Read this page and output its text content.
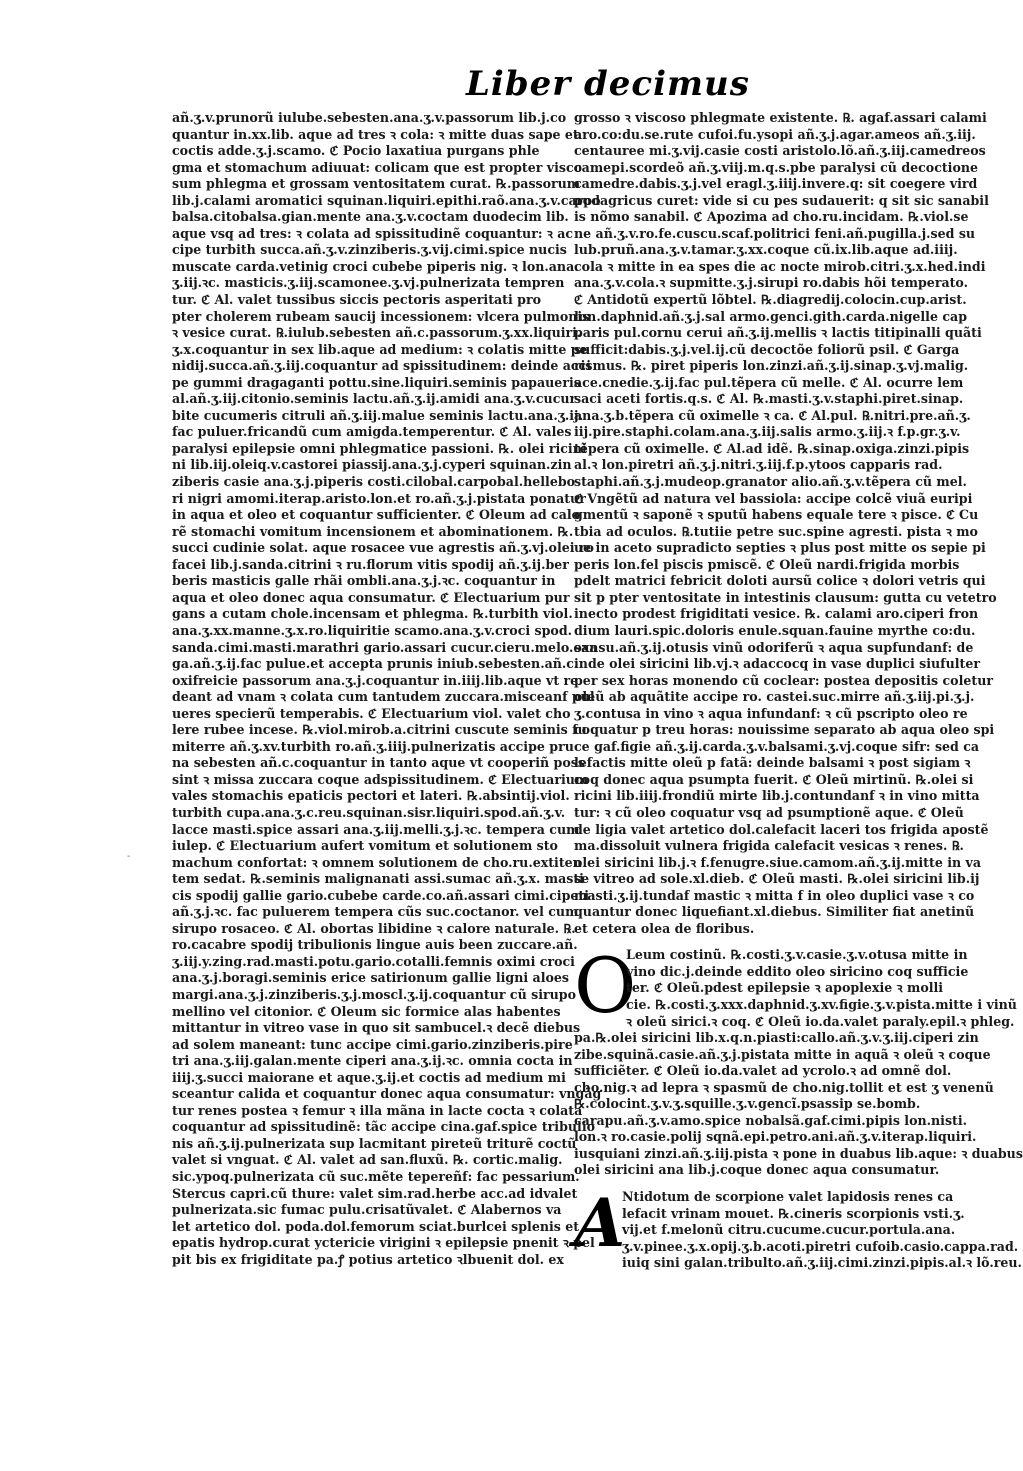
Liber decimus
añ.ʒ.v.prunorũ iulube.sebesten.ana.ʒ.v.passorum lib.j.co
quantur in.xx.lib. aque ad tres ꝛ cola: ꝛ mitte duas sape et
coctis adde.ʒ.j.scamo. ℭ Pocio laxatiua purgans phle
gma et stomachum adiuuat: colicam que est propter visco
sum phlegma et grossam ventositatem curat. ℞.passorum
lib.j.calami aromatici squinan.liquiri.epithi.raõ.ana.ʒ.v.carpo
balsa.citobalsa.gian.mente ana.ʒ.v.coctam duodecim lib.
aque vsq ad tres: ꝛ colata ad spissitudinẽ coquantur: ꝛ ac
cipe turbith succa.añ.ʒ.v.zinziberis.ʒ.vij.cimi.spice nucis
muscate carda.vetinig croci cubebe piperis nig. ꝛ lon.ana.
ʒ.iij.ꝛc. masticis.ʒ.iij.scamonee.ʒ.vj.pulnerizata tempren
tur. ℭ Al. valet tussibus siccis pectoris asperitati pro
pter cholerem rubeam saucij incessionem: vlcera pulmonis
ꝛ vesice curat. ℞.iulub.sebesten añ.c.passorum.ʒ.xx.liquiri.
ʒ.x.coquantur in sex lib.aque ad medium: ꝛ colatis mitte pe
nidij.succa.añ.ʒ.iij.coquantur ad spissitudinem: deinde acci
pe gummi dragaganti pottu.sine.liquiri.seminis papaueris
al.añ.ʒ.iij.citonio.seminis lactu.añ.ʒ.ij.amidi ana.ʒ.v.cucur
bite cucumeris citruli añ.ʒ.iij.malue seminis lactu.ana.ʒ.ij.
fac puluer.fricandũ cum amigda.temperentur. ℭ Al. vales
paralysi epilepsie omni phlegmatice passioni. ℞. olei ricini
ni lib.iij.oleiq.v.castorei piassij.ana.ʒ.j.cyperi squinan.zin
ziberis casie ana.ʒ.j.piperis costi.cilobal.carpobal.hellebo
ri nigri amomi.iterap.aristo.lon.et ro.añ.ʒ.j.pistata ponatur
in aqua et oleo et coquantur sufficienter. ℭ Oleum ad calo
rẽ stomachi vomitum incensionem et abominationem. ℞.
succi cudinie solat. aque rosacee vue agrestis añ.ʒ.vj.olei ro
facei lib.j.sanda.citrini ꝛ ru.florum vitis spodij añ.ʒ.ij.ber
beris masticis galle rhãi ombli.ana.ʒ.j.ꝛc. coquantur in
aqua et oleo donec aqua consumatur. ℭ Electuarium pur
gans a cutam chole.incensam et phlegma. ℞.turbith viol.
ana.ʒ.xx.manne.ʒ.x.ro.liquiritie scamo.ana.ʒ.v.croci spod.
sanda.cimi.masti.marathri gario.assari cucur.cieru.melo.oxa
ga.añ.ʒ.ij.fac pulue.et accepta prunis iniub.sebesten.añ.c.
oxifreicie passorum ana.ʒ.j.coquantur in.iiij.lib.aque vt re
deant ad vnam ꝛ colata cum tantudem zuccara.misceanf pul
ueres specierũ temperabis. ℭ Electuarium viol. valet cho
lere rubee incese. ℞.viol.mirob.a.citrini cuscute seminis fu
miterre añ.ʒ.xv.turbith ro.añ.ʒ.iiij.pulnerizatis accipe pru
na sebesten añ.c.coquantur in tanto aque vt cooperiñ poss
sint ꝛ missa zuccara coque adspissitudinem. ℭ Electuarium
vales stomachis epaticis pectori et lateri. ℞.absintij.viol.
turbith cupa.ana.ʒ.c.reu.squinan.sisr.liquiri.spod.añ.ʒ.v.
lacce masti.spice assari ana.ʒ.iij.melli.ʒ.j.ꝛc. tempera cum
iulep. ℭ Electuarium aufert vomitum et solutionem sto
machum confortat: ꝛ omnem solutionem de cho.ru.extiten
tem sedat. ℞.seminis malignanati assi.sumac añ.ʒ.x. masti
cis spodij gallie gario.cubebe carde.co.añ.assari cimi.cipeti
añ.ʒ.j.ꝛc. fac puluerem tempera cũs suc.coctanor. vel cum
sirupo rosaceo. ℭ Al. obortas libidine ꝛ calore naturale. ℞.
ro.cacabre spodij tribulionis lingue auis been zuccare.añ.
ʒ.iij.y.zing.rad.masti.potu.gario.cotalli.femnis oximi croci
ana.ʒ.j.boragi.seminis erice satirionum gallie ligni aloes
margi.ana.ʒ.j.zinziberis.ʒ.j.moscl.ʒ.ij.coquantur cũ sirupo
mellino vel citonior. ℭ Oleum sic formice alas habentes
mittantur in vitreo vase in quo sit sambucel.ꝛ decẽ diebus
ad solem maneant: tunc accipe cimi.gario.zinziberis.pire
tri ana.ʒ.iij.galan.mente ciperi ana.ʒ.ij.ꝛc. omnia cocta in
iiij.ʒ.succi maiorane et aque.ʒ.ij.et coctis ad medium mi
sceantur calida et coquantur donec aqua consumatur: vngãg
tur renes postea ꝛ femur ꝛ illa mãna in lacte cocta ꝛ colata
coquantur ad spissitudinẽ: tãc accipe cina.gaf.spice tribulio
nis añ.ʒ.ij.pulnerizata sup lacmitant pireteũ triturẽ coctũ
valet si vnguat. ℭ Al. valet ad san.fluxũ. ℞. cortic.malig.
sic.ypoq.pulnerizata cũ suc.mẽte tepereñf: fac pessarium.
Stercus capri.cũ thure: valet sim.rad.herbe acc.ad idvalet
pulnerizata.sic fumac pulu.crisatũvalet. ℭ Alabernos va
let artetico dol. poda.dol.femorum sciat.burlcei splenis et
epatis hydrop.curat yctericie virigini ꝛ epilepsie pnenit ꝛ pel
pit bis ex frigiditate pa.ꝭ potius artetico ꝛlbuenit dol. ex
grosso ꝛ viscoso phlegmate existente. ℞. agaf.assari calami
aro.co:du.se.rute cufoi.fu.ysopi añ.ʒ.j.agar.ameos añ.ʒ.iij.
centauree mi.ʒ.vij.casie costi aristolo.lõ.añ.ʒ.iij.camedreos
camepi.scordeõ añ.ʒ.viij.m.q.s.pbe paralysi cũ decoctione
camedre.dabis.ʒ.j.vel eragl.ʒ.iiij.invere.q: sit coegere vird
podagricus curet: vide si cu pes sudauerit: q sit sic sanabil
is nõmo sanabil. ℭ Apozima ad cho.ru.incidam. ℞.viol.se
ne añ.ʒ.v.ro.fe.cuscu.scaf.politrici feni.añ.pugilla.j.sed su
lub.pruñ.ana.ʒ.v.tamar.ʒ.xx.coque cũ.ix.lib.aque ad.iiij.
cola ꝛ mitte in ea spes die ac nocte mirob.citri.ʒ.x.hed.indi
ana.ʒ.v.cola.ꝛ supmitte.ʒ.j.sirupi ro.dabis hõi temperato.
ℭ Antidotũ expertũ lõbtel. ℞.diagredij.colocin.cup.arist.
lon.daphnid.añ.ʒ.j.sal armo.genci.gith.carda.nigelle cap
paris pul.cornu cerui añ.ʒ.ij.mellis ꝛ lactis titipinalli quãti
sufficit:dabis.ʒ.j.vel.ij.cũ decoctõe foliorũ psil. ℭ Garga
rismus. ℞. piret piperis lon.zinzi.añ.ʒ.ij.sinap.ʒ.vj.malig.
ace.cnedie.ʒ.ij.fac pul.tẽpera cũ melle. ℭ Al. ocurre lem
saci aceti fortis.q.s. ℭ Al. ℞.masti.ʒ.v.staphi.piret.sinap.
ana.ʒ.b.tẽpera cũ oximelle ꝛ ca. ℭ Al.pul. ℞.nitri.pre.añ.ʒ.
iij.pire.staphi.colam.ana.ʒ.iij.salis armo.ʒ.iij.ꝛ f.p.gr.ʒ.v.
tẽpera cũ oximelle. ℭ Al.ad idẽ. ℞.sinap.oxiga.zinzi.pipis
al.ꝛ lon.piretri añ.ʒ.j.nitri.ʒ.iij.f.p.ytoos capparis rad.
staphi.añ.ʒ.j.mudeop.granator alio.añ.ʒ.v.tẽpera cũ mel.
ℭ Vngẽtũ ad natura vel bassiola: accipe colcẽ viuã euripi
gmentũ ꝛ saponẽ ꝛ sputũ habens equale tere ꝛ pisce. ℭ Cu
tbia ad oculos. ℞.tutiie petre suc.spine agresti. pista ꝛ mo
ue in aceto supradicto septies ꝛ plus post mitte os sepie pi
peris lon.fel piscis pmiscẽ. ℭ Oleũ nardi.frigida morbis
pdelt matrici febricit doloti aursũ colice ꝛ dolori vetris qui
sit p pter ventositate in intestinis clausum: gutta cu vetetro
inecto prodest frigiditati vesice. ℞. calami aro.ciperi fron
dium lauri.spic.doloris enule.squan.fauine myrthe co:du.
sansu.añ.ʒ.ij.otusis vinũ odoriferũ ꝛ aqua supfundanf: de
inde olei siricini lib.vj.ꝛ adaccocq in vase duplici siufulter
per sex horas monendo cũ coclear: postea depositis coletur
oleũ ab aquãtite accipe ro. castei.suc.mirre añ.ʒ.iij.pi.ʒ.j.
ʒ.contusa in vino ꝛ aqua infundanf: ꝛ cũ pscripto oleo re
coquatur p treu horas: nouissime separato ab aqua oleo spi
ce gaf.figie añ.ʒ.ij.carda.ʒ.v.balsami.ʒ.vj.coque sifr: sed ca
lefactis mitte oleũ p fatã: deinde balsami ꝛ post sigiam ꝛ
coq donec aqua psumpta fuerit. ℭ Oleũ mirtinũ. ℞.olei si
ricini lib.iiij.frondiũ mirte lib.j.contundanf ꝛ in vino mitta
tur: ꝛ cũ oleo coquatur vsq ad psumptionẽ aque. ℭ Oleũ
de ligia valet artetico dol.calefacit laceri tos frigida apostẽ
ma.dissoluit vulnera frigida calefacit vesicas ꝛ renes. ℞.
olei siricini lib.j.ꝛ f.fenugre.siue.camom.añ.ʒ.ij.mitte in va
se vitreo ad sole.xl.dieb. ℭ Oleũ masti. ℞.olei siricini lib.ij
masti.ʒ.ij.tundaf mastic ꝛ mitta f in oleo duplici vase ꝛ co
quantur donec liquefiant.xl.diebus. Similiter fiat anetinũ
et cetera olea de floribus.
O
Leum costinũ. ℞.costi.ʒ.v.casie.ʒ.v.otusa mitte in
vino dic.j.deinde eddito oleo siricino coq sufficie
ter. ℭ Oleũ.pdest epilepsie ꝛ apoplexie ꝛ molli
cie. ℞.costi.ʒ.xxx.daphnid.ʒ.xv.figie.ʒ.v.pista.mitte i vinũ
ꝛ oleũ sirici.ꝛ coq. ℭ Oleũ io.da.valet paraly.epil.ꝛ phleg.
pa.℞.olei siricini lib.x.q.n.piasti:callo.añ.ʒ.v.ʒ.iij.ciperi zin
zibe.squinã.casie.añ.ʒ.j.pistata mitte in aquã ꝛ oleũ ꝛ coque
sufficiẽter. ℭ Oleũ io.da.valet ad ycrolo.ꝛ ad omnẽ dol.
cho.nig.ꝛ ad lepra ꝛ spasmũ de cho.nig.tollit et est ʒ venenũ
℞.colocint.ʒ.v.ʒ.squille.ʒ.v.gencĩ.psassip se.bomb.
carapu.añ.ʒ.v.amo.spice nobalsã.gaf.cimi.pipis lon.nisti.
lon.ꝛ ro.casie.polij sqnã.epi.petro.ani.añ.ʒ.v.iterap.liquiri.
iusquiani zinzi.añ.ʒ.iij.pista ꝛ pone in duabus lib.aque: ꝛ duabus
olei siricini ana lib.j.coque donec aqua consumatur.
A
Ntidotum de scorpione valet lapidosis renes ca
lefacit vrinam mouet. ℞.cineris scorpionis vsti.ʒ.
vij.et f.melonũ citru.cucume.cucur.portula.ana.
ʒ.v.pinee.ʒ.x.opij.ʒ.b.acoti.piretri cufoib.casio.cappa.rad.
iuiq sini galan.tribulto.añ.ʒ.iij.cimi.zinzi.pipis.al.ꝛ lõ.reu.
-
